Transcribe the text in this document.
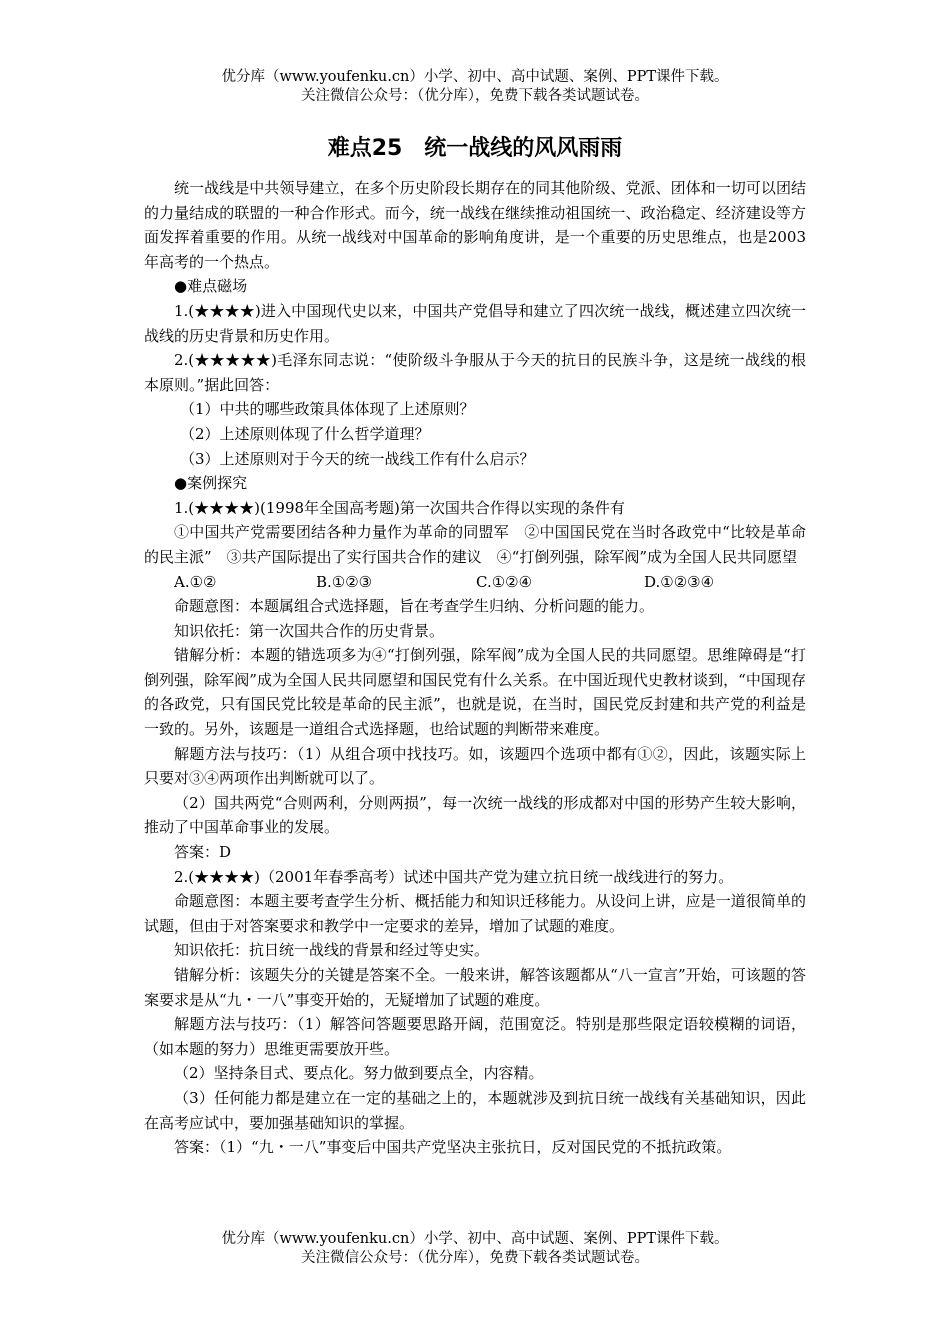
优分库（www.youfenku.cn）小学、初中、高中试题、案例、PPT课件下载。
关注微信公众号：（优分库），免费下载各类试题试卷。
难点25　统一战线的风风雨雨

统一战线是中共领导建立，在多个历史阶段长期存在的同其他阶级、党派、团体和一切可以团结的力量结成的联盟的一种合作形式。而今，统一战线在继续推动祖国统一、政治稳定、经济建设等方面发挥着重要的作用。从统一战线对中国革命的影响角度讲，是一个重要的历史思维点，也是2003年高考的一个热点。

●难点磁场

1.(★★★★)进入中国现代史以来，中国共产党倡导和建立了四次统一战线，概述建立四次统一战线的历史背景和历史作用。

2.(★★★★★)毛泽东同志说：“使阶级斗争服从于今天的抗日的民族斗争，这是统一战线的根本原则。”据此回答：

（1）中共的哪些政策具体体现了上述原则？

（2）上述原则体现了什么哲学道理？

（3）上述原则对于今天的统一战线工作有什么启示？

●案例探究

1.(★★★★)(1998年全国高考题)第一次国共合作得以实现的条件有

①中国共产党需要团结各种力量作为革命的同盟军　②中国国民党在当时各政党中“比较是革命的民主派”　③共产国际提出了实行国共合作的建议　④“打倒列强，除军阀”成为全国人民共同愿望

A.①②	B.①②③	C.①②④	D.①②③④

命题意图：本题属组合式选择题，旨在考查学生归纳、分析问题的能力。

知识依托：第一次国共合作的历史背景。

错解分析：本题的错选项多为④“打倒列强，除军阀”成为全国人民的共同愿望。思维障碍是“打倒列强，除军阀”成为全国人民共同愿望和国民党有什么关系。在中国近现代史教材谈到，“中国现存的各政党，只有国民党比较是革命的民主派”，也就是说，在当时，国民党反封建和共产党的利益是一致的。另外，该题是一道组合式选择题，也给试题的判断带来难度。

解题方法与技巧：（1）从组合项中找技巧。如，该题四个选项中都有①②，因此，该题实际上只要对③④两项作出判断就可以了。

（2）国共两党“合则两利，分则两损”，每一次统一战线的形成都对中国的形势产生较大影响，推动了中国革命事业的发展。

答案：D

2.(★★★★)（2001年春季高考）试述中国共产党为建立抗日统一战线进行的努力。

命题意图：本题主要考查学生分析、概括能力和知识迁移能力。从设问上讲，应是一道很简单的试题，但由于对答案要求和教学中一定要求的差异，增加了试题的难度。

知识依托：抗日统一战线的背景和经过等史实。

错解分析：该题失分的关键是答案不全。一般来讲，解答该题都从“八一宣言”开始，可该题的答案要求是从“九・一八”事变开始的，无疑增加了试题的难度。

解题方法与技巧：（1）解答问答题要思路开阔，范围宽泛。特别是那些限定语较模糊的词语，（如本题的努力）思维更需要放开些。

（2）坚持条目式、要点化。努力做到要点全，内容精。

（3）任何能力都是建立在一定的基础之上的，本题就涉及到抗日统一战线有关基础知识，因此在高考应试中，要加强基础知识的掌握。

答案：（1）“九・一八”事变后中国共产党坚决主张抗日，反对国民党的不抵抗政策。

优分库（www.youfenku.cn）小学、初中、高中试题、案例、PPT课件下载。
关注微信公众号：（优分库），免费下载各类试题试卷。
